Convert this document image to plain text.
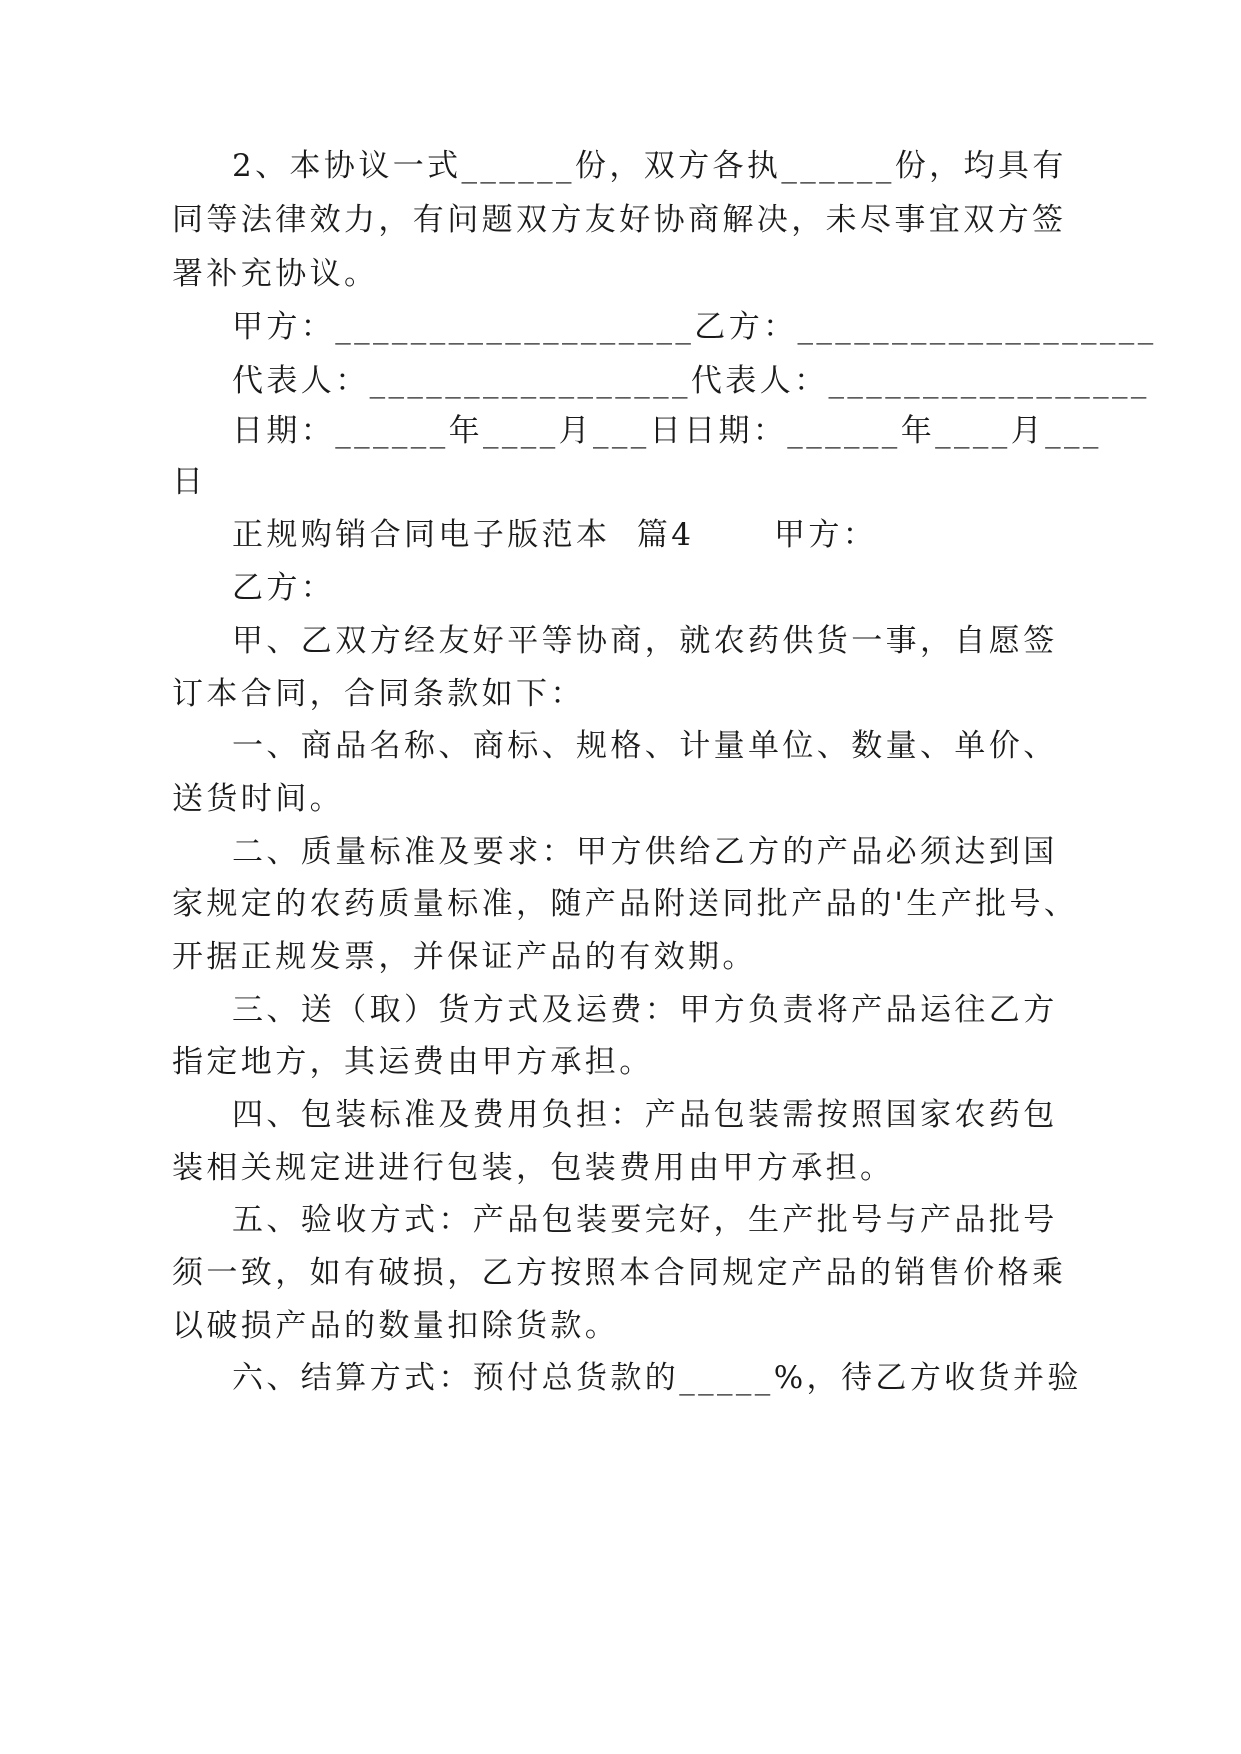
2、本协议一式______份，双方各执______份，均具有
同等法律效力，有问题双方友好协商解决，未尽事宜双方签
署补充协议。
甲方：___________________乙方：___________________
代表人：_________________代表人：_________________
日期：______年____月___日日期：______年____月___
日
正规购销合同电子版范本  篇4      甲方：
乙方：
甲、乙双方经友好平等协商，就农药供货一事，自愿签
订本合同，合同条款如下：
一、商品名称、商标、规格、计量单位、数量、单价、
送货时间。
二、质量标准及要求：甲方供给乙方的产品必须达到国
家规定的农药质量标准，随产品附送同批产品的'生产批号、
开据正规发票，并保证产品的有效期。
三、送（取）货方式及运费：甲方负责将产品运往乙方
指定地方，其运费由甲方承担。
四、包装标准及费用负担：产品包装需按照国家农药包
装相关规定进进行包装，包装费用由甲方承担。
五、验收方式：产品包装要完好，生产批号与产品批号
须一致，如有破损，乙方按照本合同规定产品的销售价格乘
以破损产品的数量扣除货款。
六、结算方式：预付总货款的_____%，待乙方收货并验
